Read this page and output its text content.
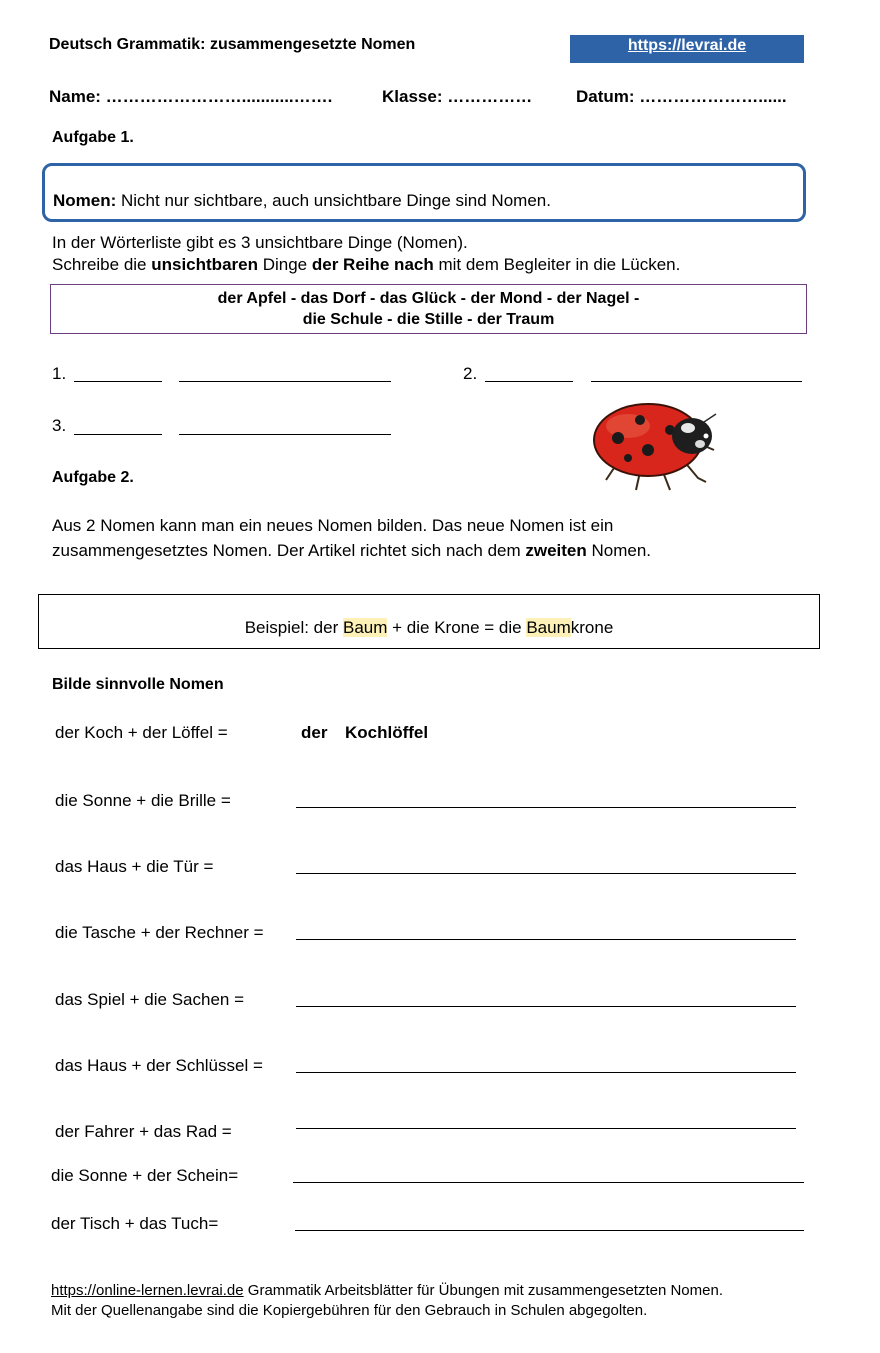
Deutsch Grammatik: zusammengesetzte Nomen	https://levrai.de
Name: ……………………...........…….	Klasse: ……………	Datum: …………………......
Aufgabe 1.
Nomen: Nicht nur sichtbare, auch unsichtbare Dinge sind Nomen.
In der Wörterliste gibt es 3 unsichtbare Dinge (Nomen).
Schreibe die unsichtbaren Dinge der Reihe nach mit dem Begleiter in die Lücken.
der Apfel - das Dorf - das Glück - der Mond - der Nagel -
die Schule - die Stille - der Traum
1.	2.
3.
Aufgabe 2.
Aus 2 Nomen kann man ein neues Nomen bilden. Das neue Nomen ist ein
zusammengesetztes Nomen. Der Artikel richtet sich nach dem zweiten Nomen.
Beispiel: der Baum + die Krone = die Baumkrone
Bilde sinnvolle Nomen
der Koch + der Löffel =	der Kochlöffel
die Sonne + die Brille =
das Haus + die Tür =
die Tasche + der Rechner =
das Spiel + die Sachen =
das Haus + der Schlüssel =
der Fahrer + das Rad =
die Sonne + der Schein=
der Tisch + das Tuch=
https://online-lernen.levrai.de Grammatik Arbeitsblätter für Übungen mit zusammengesetzten Nomen.
Mit der Quellenangabe sind die Kopiergebühren für den Gebrauch in Schulen abgegolten.
